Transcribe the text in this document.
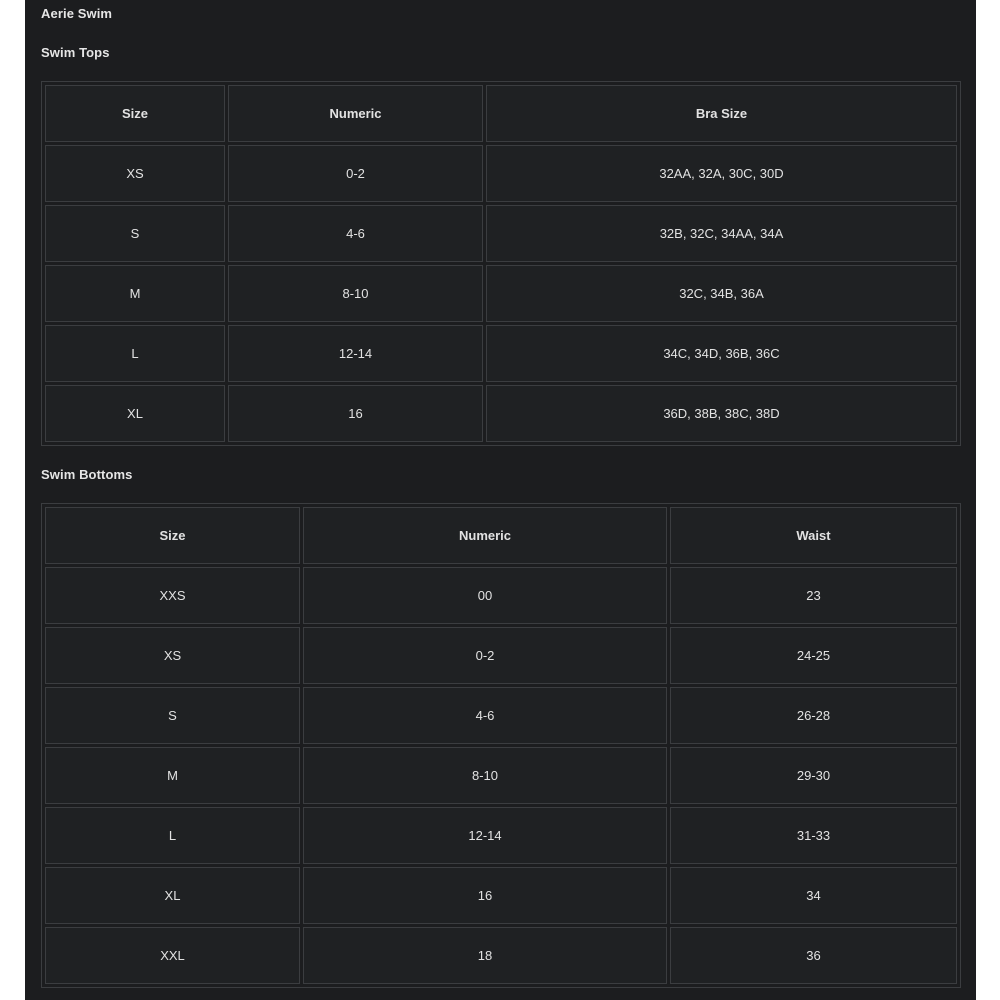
Aerie Swim
Swim Tops
Size	Numeric	Bra Size
XS	0-2	32AA, 32A, 30C, 30D
S	4-6	32B, 32C, 34AA, 34A
M	8-10	32C, 34B, 36A
L	12-14	34C, 34D, 36B, 36C
XL	16	36D, 38B, 38C, 38D
Swim Bottoms
Size	Numeric	Waist
XXS	00	23
XS	0-2	24-25
S	4-6	26-28
M	8-10	29-30
L	12-14	31-33
XL	16	34
XXL	18	36
